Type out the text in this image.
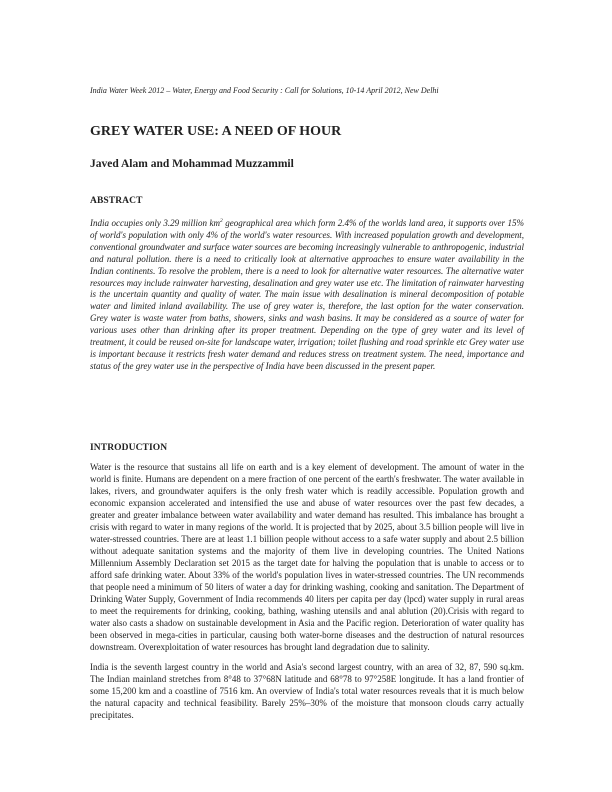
India Water Week 2012 – Water, Energy and Food Security : Call for Solutions, 10-14 April 2012, New Delhi
GREY WATER USE: A NEED OF HOUR
Javed Alam and Mohammad Muzzammil
ABSTRACT

India occupies only 3.29 million $km^2$ geographical area which form 2.4% of the worlds land area, it supports over 15% of world's population with only 4% of the world's water resources. With increased population growth and development, conventional groundwater and surface water sources are becoming increasingly vulnerable to anthropogenic, industrial and natural pollution. there is a need to critically look at alternative approaches to ensure water availability in the Indian continents. To resolve the problem, there is a need to look for alternative water resources. The alternative water resources may include rainwater harvesting, desalination and grey water use etc. The limitation of rainwater harvesting is the uncertain quantity and quality of water. The main issue with desalination is mineral decomposition of potable water and limited inland availability. The use of grey water is, therefore, the last option for the water conservation. Grey water is waste water from baths, showers, sinks and wash basins. It may be considered as a source of water for various uses other than drinking after its proper treatment. Depending on the type of grey water and its level of treatment, it could be reused on-site for landscape water, irrigation; toilet flushing and road sprinkle etc Grey water use is important because it restricts fresh water demand and reduces stress on treatment system. The need, importance and status of the grey water use in the perspective of India have been discussed in the present paper.

INTRODUCTION

Water is the resource that sustains all life on earth and is a key element of development. The amount of water in the world is finite. Humans are dependent on a mere fraction of one percent of the earth's freshwater. The water available in lakes, rivers, and groundwater aquifers is the only fresh water which is readily accessible. Population growth and economic expansion accelerated and intensified the use and abuse of water resources over the past few decades, a greater and greater imbalance between water availability and water demand has resulted. This imbalance has brought a crisis with regard to water in many regions of the world. It is projected that by 2025, about 3.5 billion people will live in water-stressed countries. There are at least 1.1 billion people without access to a safe water supply and about 2.5 billion without adequate sanitation systems and the majority of them live in developing countries. The United Nations Millennium Assembly Declaration set 2015 as the target date for halving the population that is unable to access or to afford safe drinking water. About 33% of the world's population lives in water-stressed countries. The UN recommends that people need a minimum of 50 liters of water a day for drinking washing, cooking and sanitation. The Department of Drinking Water Supply, Government of India recommends 40 liters per capita per day (lpcd) water supply in rural areas to meet the requirements for drinking, cooking, bathing, washing utensils and anal ablution (20).Crisis with regard to water also casts a shadow on sustainable development in Asia and the Pacific region. Deterioration of water quality has been observed in mega-cities in particular, causing both water-borne diseases and the destruction of natural resources downstream. Overexploitation of water resources has brought land degradation due to salinity.

India is the seventh largest country in the world and Asia's second largest country, with an area of 32, 87, 590 sq.km. The Indian mainland stretches from 8°48 to 37°68N latitude and 68°78 to 97°258E longitude. It has a land frontier of some 15,200 km and a coastline of 7516 km. An overview of India's total water resources reveals that it is much below the natural capacity and technical feasibility. Barely 25%–30% of the moisture that monsoon clouds carry actually precipitates.
